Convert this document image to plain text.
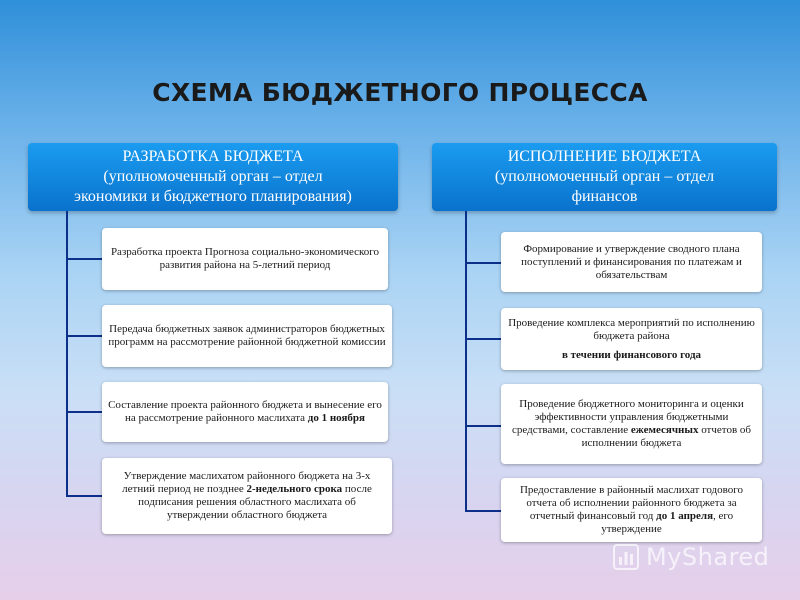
СХЕМА БЮДЖЕТНОГО ПРОЦЕССА
РАЗРАБОТКА БЮДЖЕТА
(уполномоченный орган – отдел
экономики и бюджетного планирования)
Разработка проекта Прогноза социально-экономического развития района на 5-летний период
Передача бюджетных заявок администраторов бюджетных программ на рассмотрение районной бюджетной комиссии
Составление проекта районного бюджета и вынесение его на рассмотрение районного маслихата до 1 ноября
Утверждение маслихатом районного бюджета на 3-х летний период не позднее 2-недельного срока после подписания решения областного маслихата об утверждении областного бюджета
ИСПОЛНЕНИЕ БЮДЖЕТА
(уполномоченный орган – отдел
финансов
Формирование и утверждение сводного плана поступлений и финансирования по платежам и обязательствам
Проведение комплекса мероприятий по исполнению бюджета района
в течении финансового года
Проведение бюджетного мониторинга и оценки эффективности управления бюджетными средствами, составление ежемесячных отчетов об исполнении бюджета
Предоставление в районный маслихат годового отчета об исполнении районного бюджета за отчетный финансовый год до 1 апреля, его утверждение
MyShared
